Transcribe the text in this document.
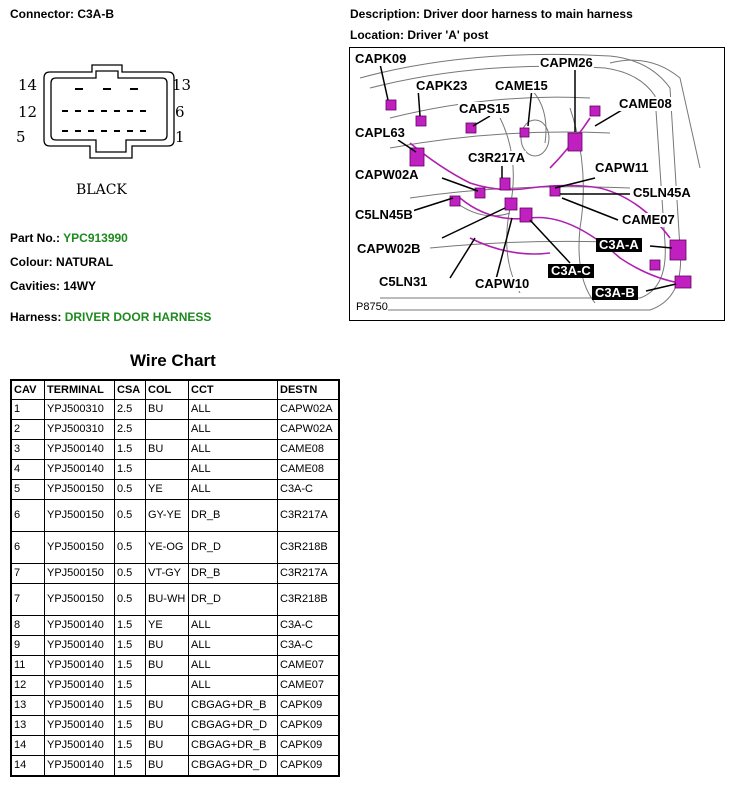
Connector: C3A-B	Description: Driver door harness to main harness
Location: Driver 'A' post
14	13
12	6
5	1
BLACK
Part No.: YPC913990
Colour: NATURAL
Cavities: 14WY
Harness: DRIVER DOOR HARNESS
CAPK09	CAPM26
CAPK23 CAME15
CAME08
CAPS15
CAPL63
C3R217A
CAPW11
CAPW02A
C5LN45A
C5LN45B	CAME07
C3A-A
CAPW02B
C3A-C
C5LN31	CAPW10
C3A-B
P8750
Wire Chart
CAV	TERMINAL	CSA	COL	CCT	DESTN
1	YPJ500310	2.5	BU	ALL	CAPW02A
2	YPJ500310	2.5		ALL	CAPW02A
3	YPJ500140	1.5	BU	ALL	CAME08
4	YPJ500140	1.5		ALL	CAME08
5	YPJ500150	0.5	YE	ALL	C3A-C
6	YPJ500150	0.5	GY-YE	DR_B	C3R217A
6	YPJ500150	0.5	YE-OG	DR_D	C3R218B
7	YPJ500150	0.5	VT-GY	DR_B	C3R217A
7	YPJ500150	0.5	BU-WH	DR_D	C3R218B
8	YPJ500140	1.5	YE	ALL	C3A-C
9	YPJ500140	1.5	BU	ALL	C3A-C
11	YPJ500140	1.5	BU	ALL	CAME07
12	YPJ500140	1.5		ALL	CAME07
13	YPJ500140	1.5	BU	CBGAG+DR_B	CAPK09
13	YPJ500140	1.5	BU	CBGAG+DR_D	CAPK09
14	YPJ500140	1.5	BU	CBGAG+DR_B	CAPK09
14	YPJ500140	1.5	BU	CBGAG+DR_D	CAPK09
